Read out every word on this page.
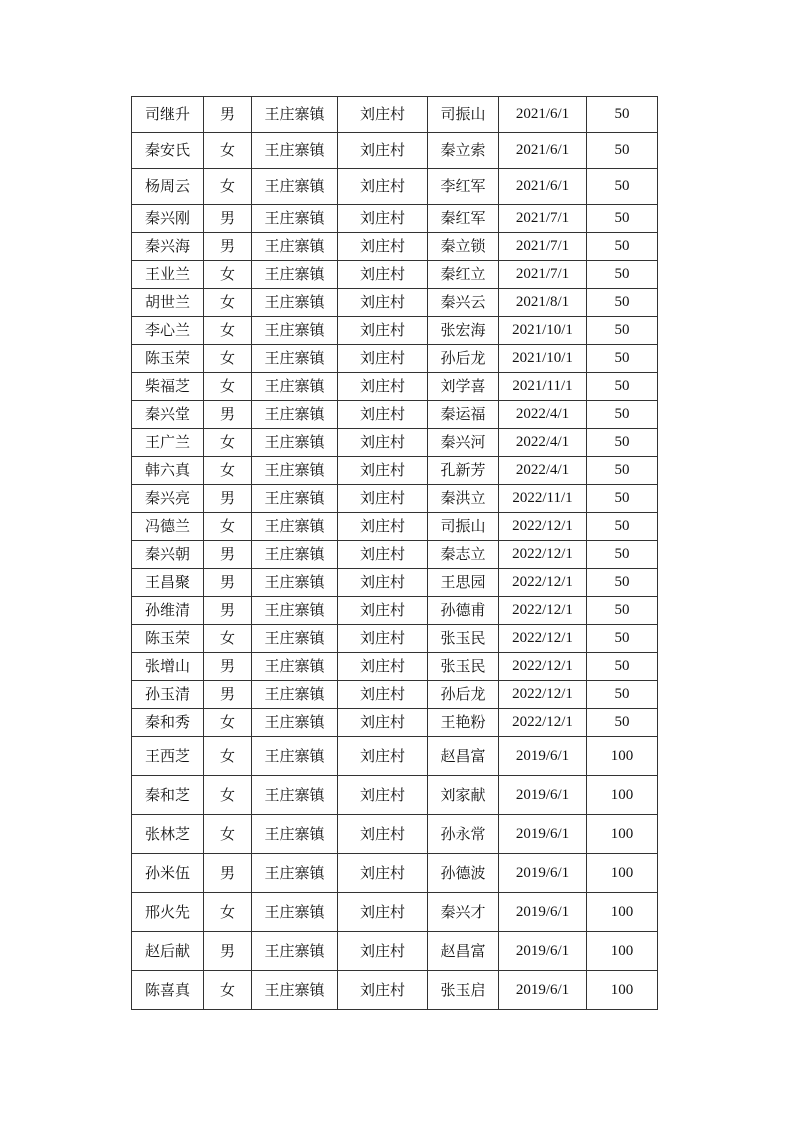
司继升	男	王庄寨镇	刘庄村	司振山	2021/6/1	50
秦安氏	女	王庄寨镇	刘庄村	秦立索	2021/6/1	50
杨周云	女	王庄寨镇	刘庄村	李红军	2021/6/1	50
秦兴刚	男	王庄寨镇	刘庄村	秦红军	2021/7/1	50
秦兴海	男	王庄寨镇	刘庄村	秦立锁	2021/7/1	50
王业兰	女	王庄寨镇	刘庄村	秦红立	2021/7/1	50
胡世兰	女	王庄寨镇	刘庄村	秦兴云	2021/8/1	50
李心兰	女	王庄寨镇	刘庄村	张宏海	2021/10/1	50
陈玉荣	女	王庄寨镇	刘庄村	孙后龙	2021/10/1	50
柴福芝	女	王庄寨镇	刘庄村	刘学喜	2021/11/1	50
秦兴堂	男	王庄寨镇	刘庄村	秦运福	2022/4/1	50
王广兰	女	王庄寨镇	刘庄村	秦兴河	2022/4/1	50
韩六真	女	王庄寨镇	刘庄村	孔新芳	2022/4/1	50
秦兴亮	男	王庄寨镇	刘庄村	秦洪立	2022/11/1	50
冯德兰	女	王庄寨镇	刘庄村	司振山	2022/12/1	50
秦兴朝	男	王庄寨镇	刘庄村	秦志立	2022/12/1	50
王昌聚	男	王庄寨镇	刘庄村	王思园	2022/12/1	50
孙维清	男	王庄寨镇	刘庄村	孙德甫	2022/12/1	50
陈玉荣	女	王庄寨镇	刘庄村	张玉民	2022/12/1	50
张增山	男	王庄寨镇	刘庄村	张玉民	2022/12/1	50
孙玉清	男	王庄寨镇	刘庄村	孙后龙	2022/12/1	50
秦和秀	女	王庄寨镇	刘庄村	王艳粉	2022/12/1	50
王西芝	女	王庄寨镇	刘庄村	赵昌富	2019/6/1	100
秦和芝	女	王庄寨镇	刘庄村	刘家献	2019/6/1	100
张林芝	女	王庄寨镇	刘庄村	孙永常	2019/6/1	100
孙米伍	男	王庄寨镇	刘庄村	孙德波	2019/6/1	100
邢火先	女	王庄寨镇	刘庄村	秦兴才	2019/6/1	100
赵后献	男	王庄寨镇	刘庄村	赵昌富	2019/6/1	100
陈喜真	女	王庄寨镇	刘庄村	张玉启	2019/6/1	100
